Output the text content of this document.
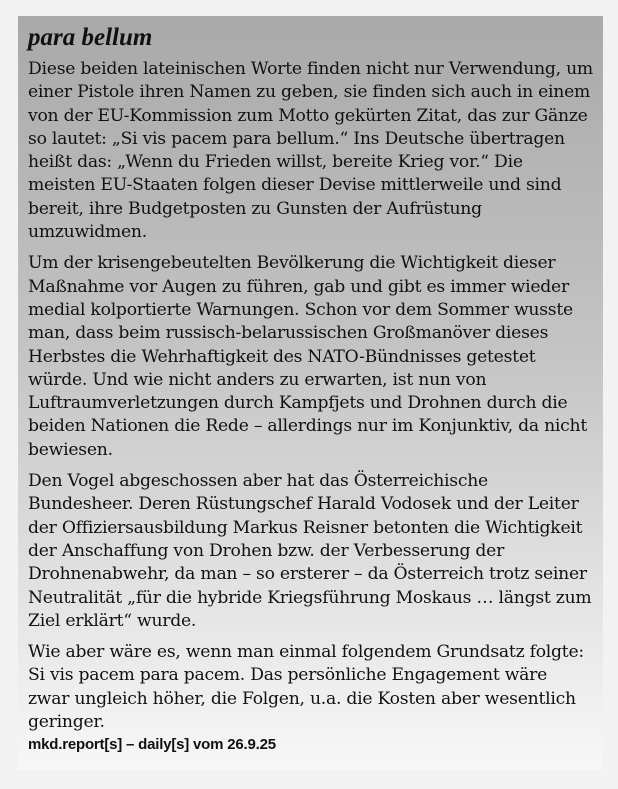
para bellum

Diese beiden lateinischen Worte finden nicht nur Verwendung, um einer Pistole ihren Namen zu geben, sie finden sich auch in einem von der EU-Kommission zum Motto gekürten Zitat, das zur Gänze so lautet: „Si vis pacem para bellum.“ Ins Deutsche übertragen heißt das: „Wenn du Frieden willst, bereite Krieg vor.“ Die meisten EU-Staaten folgen dieser Devise mittlerweile und sind bereit, ihre Budgetposten zu Gunsten der Aufrüstung umzuwidmen.

Um der krisengebeutelten Bevölkerung die Wichtigkeit dieser Maßnahme vor Augen zu führen, gab und gibt es immer wieder medial kolportierte Warnungen. Schon vor dem Sommer wusste man, dass beim russisch-belarussischen Großmanöver dieses Herbstes die Wehrhaftigkeit des NATO-Bündnisses getestet würde. Und wie nicht anders zu erwarten, ist nun von Luftraumverletzungen durch Kampfjets und Drohnen durch die beiden Nationen die Rede – allerdings nur im Konjunktiv, da nicht bewiesen.

Den Vogel abgeschossen aber hat das Österreichische Bundesheer. Deren Rüstungschef Harald Vodosek und der Leiter der Offiziersausbildung Markus Reisner betonten die Wichtigkeit der Anschaffung von Drohen bzw. der Verbesserung der Drohnenabwehr, da man – so ersterer – da Österreich trotz seiner Neutralität „für die hybride Kriegsführung Moskaus … längst zum Ziel erklärt“ wurde.

Wie aber wäre es, wenn man einmal folgendem Grundsatz folgte: Si vis pacem para pacem. Das persönliche Engagement wäre zwar ungleich höher, die Folgen, u.a. die Kosten aber wesentlich geringer.

mkd.report[s] – daily[s] vom 26.9.25
